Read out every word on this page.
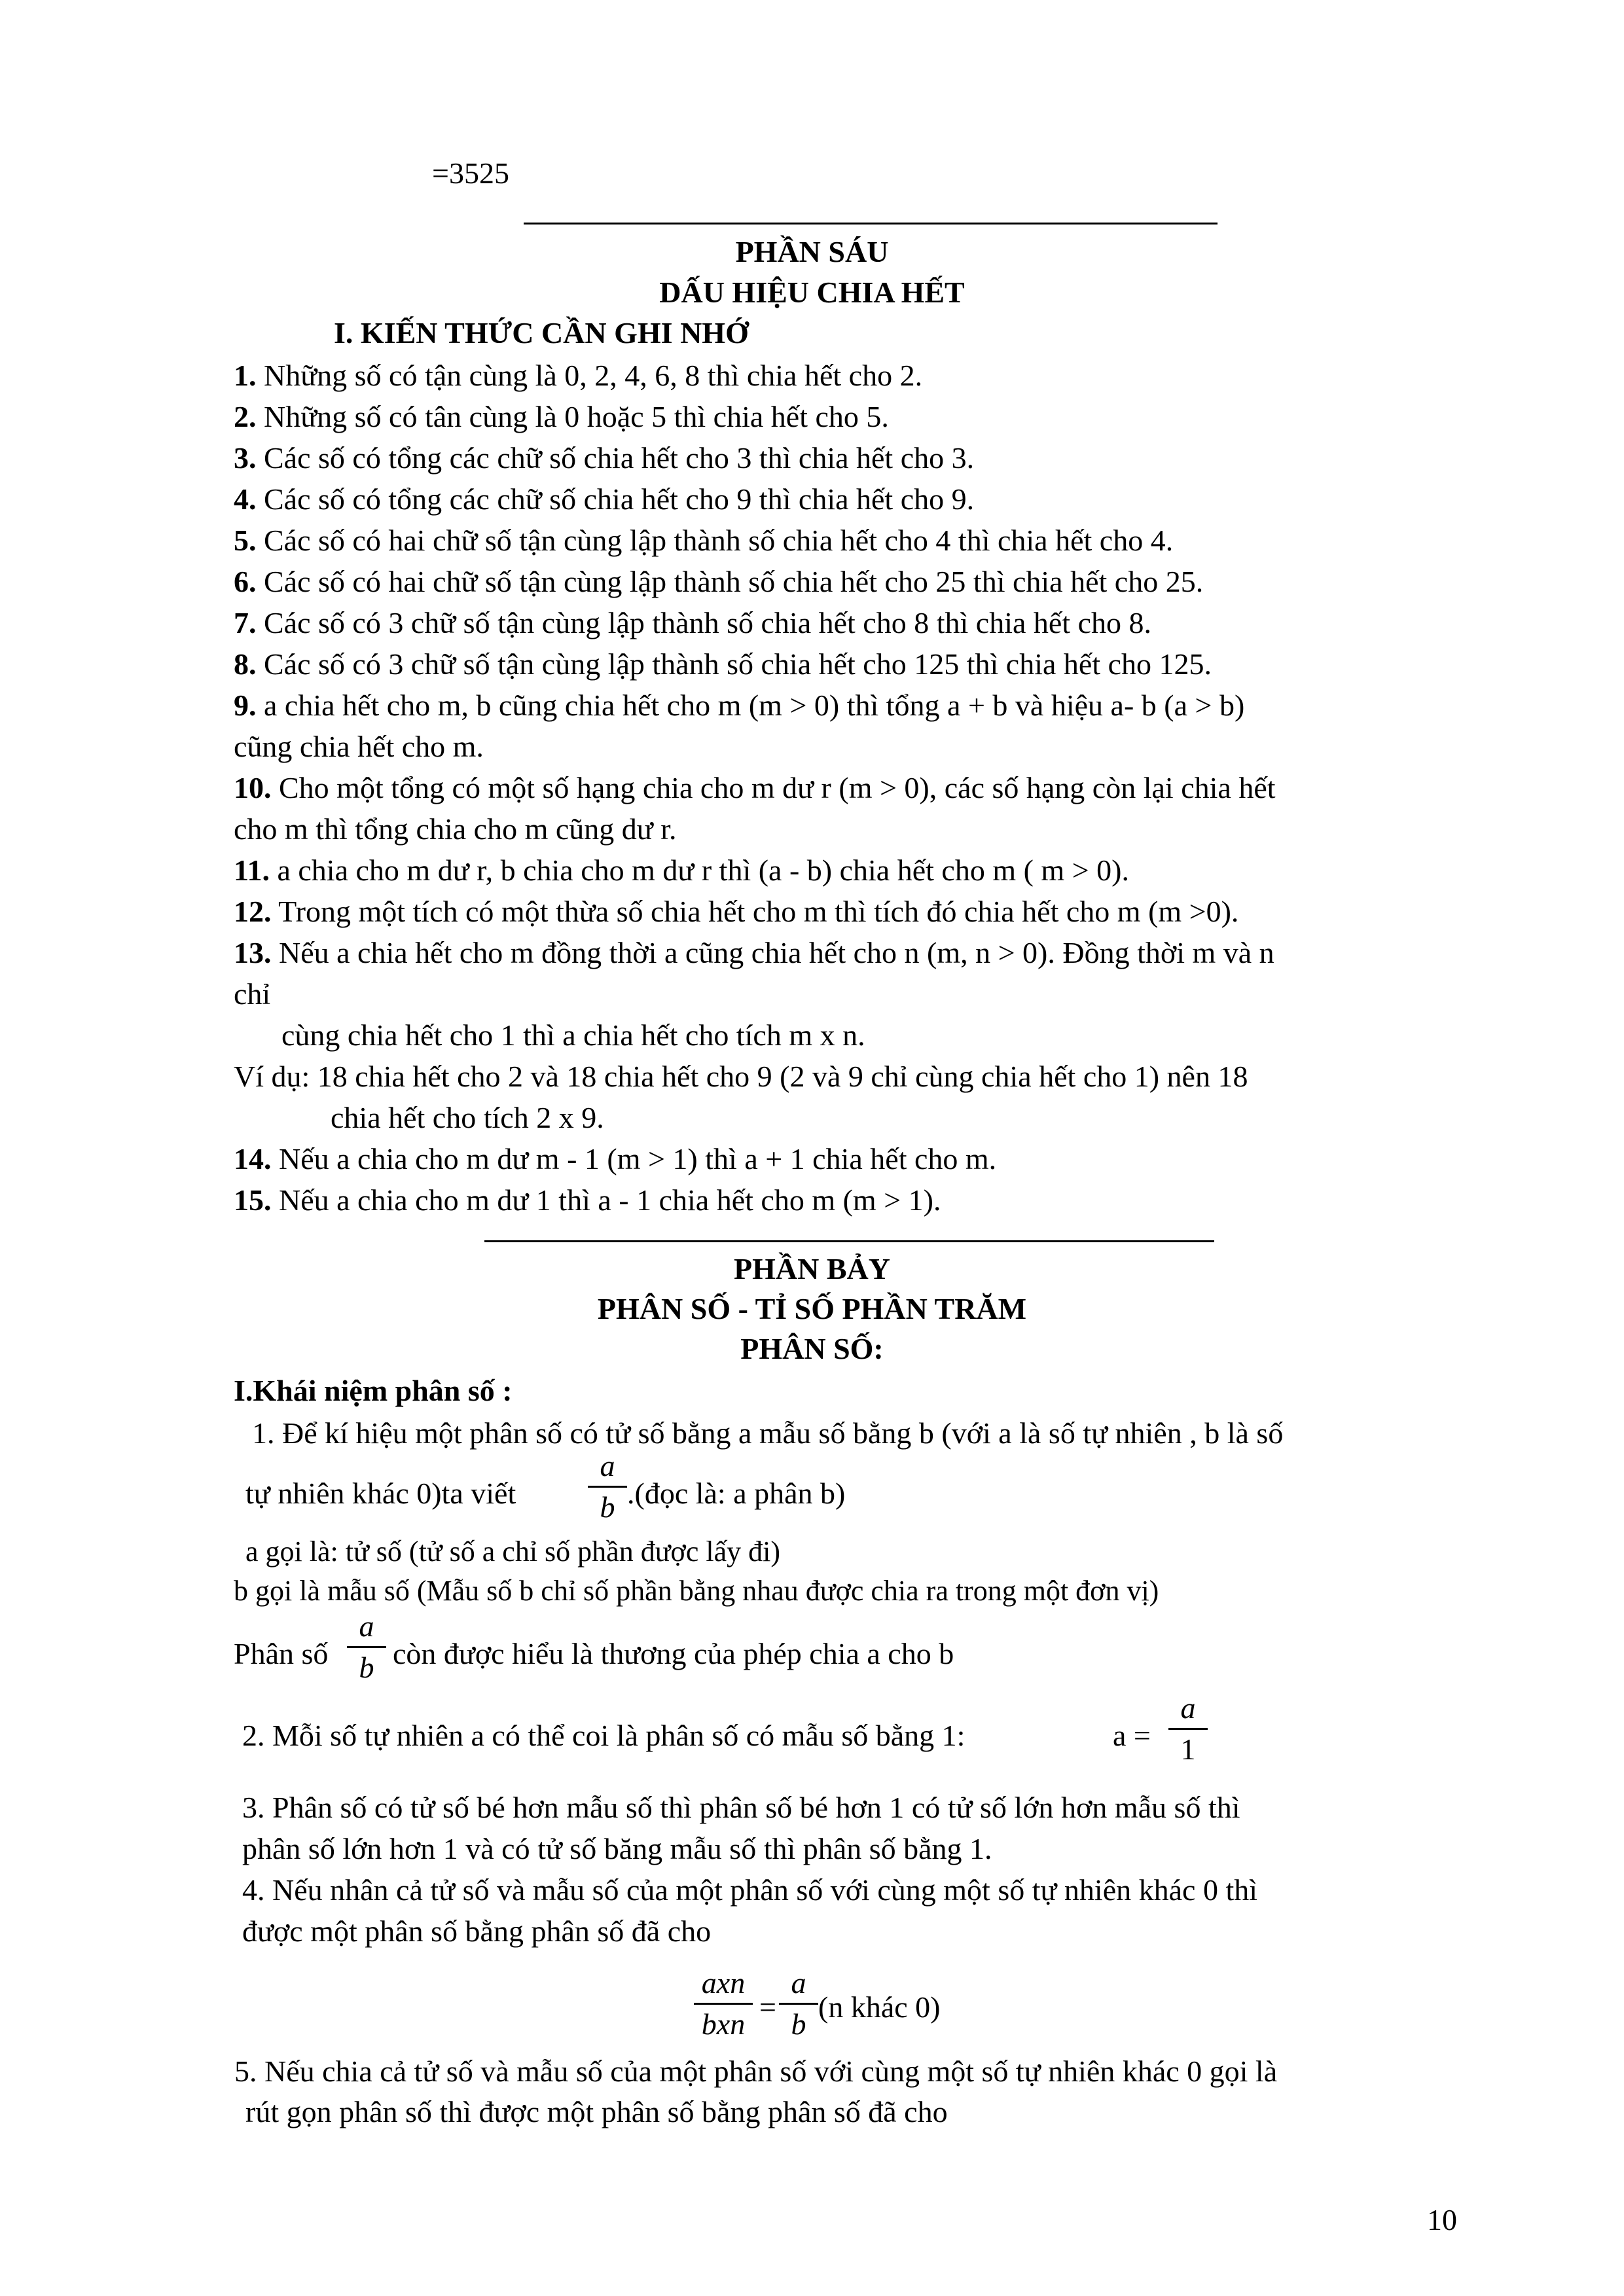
=3525
PHẦN SÁU
DẤU HIỆU CHIA HẾT
I. KIẾN THỨC CẦN GHI NHỚ
1. Những số có tận cùng là 0, 2, 4, 6, 8 thì chia hết cho 2.
2. Những số có tân cùng là 0 hoặc 5 thì chia hết cho 5.
3. Các số có tổng các chữ số chia hết cho 3 thì chia hết cho 3.
4. Các số có tổng các chữ số chia hết cho 9 thì chia hết cho 9.
5. Các số có hai chữ số tận cùng lập thành số chia hết cho 4 thì chia hết cho 4.
6. Các số có hai chữ số tận cùng lập thành số chia hết cho 25 thì chia hết cho 25.
7. Các số có 3 chữ số tận cùng lập thành số chia hết cho 8 thì chia hết cho 8.
8. Các số có 3 chữ số tận cùng lập thành số chia hết cho 125 thì chia hết cho 125.
9. a chia hết cho m, b cũng chia hết cho m (m > 0) thì tổng a + b và hiệu a- b (a > b)
cũng chia hết cho m.
10. Cho một tổng có một số hạng chia cho m dư r (m > 0), các số hạng còn lại chia hết
cho m thì tổng chia cho m cũng dư r.
11. a chia cho m dư r, b chia cho m dư r thì (a - b) chia hết cho m ( m > 0).
12. Trong một tích có một thừa số chia hết cho m thì tích đó chia hết cho m (m >0).
13. Nếu a chia hết cho m đồng thời a cũng chia hết cho n (m, n > 0). Đồng thời m và n
chỉ
cùng chia hết cho 1 thì a chia hết cho tích m x n.
Ví dụ: 18 chia hết cho 2 và 18 chia hết cho 9 (2 và 9 chỉ cùng chia hết cho 1) nên 18
chia hết cho tích 2 x 9.
14. Nếu a chia cho m dư m - 1 (m > 1) thì a + 1 chia hết cho m.
15. Nếu a chia cho m dư 1 thì a - 1 chia hết cho m (m > 1).
PHẦN BẢY
PHÂN SỐ - TỈ SỐ PHẦN TRĂM
PHÂN SỐ:
I.Khái niệm phân số :
1. Để kí hiệu một phân số có tử số bằng a mẫu số bằng b (với a là số tự nhiên , b là số
tự nhiên khác 0)ta viết
a
b .(đọc là: a phân b)
a gọi là: tử số (tử số a chỉ số phần được lấy đi)
b gọi là mẫu số (Mẫu số b chỉ số phần bằng nhau được chia ra trong một đơn vị)
Phân số
a
b còn được hiểu là thương của phép chia a cho b
2. Mỗi số tự nhiên a có thể coi là phân số có mẫu số bằng 1:	a =
a
1
3. Phân số có tử số bé hơn mẫu số thì phân số bé hơn 1 có tử số lớn hơn mẫu số thì
phân số lớn hơn 1 và có tử số băng mẫu số thì phân số bằng 1.
4. Nếu nhân cả tử số và mẫu số của một phân số với cùng một số tự nhiên khác 0 thì
được một phân số bằng phân số đã cho
axn
bxn
=
a
b
(n khác 0)
5. Nếu chia cả tử số và mẫu số của một phân số với cùng một số tự nhiên khác 0 gọi là
rút gọn phân số thì được một phân số bằng phân số đã cho
10
